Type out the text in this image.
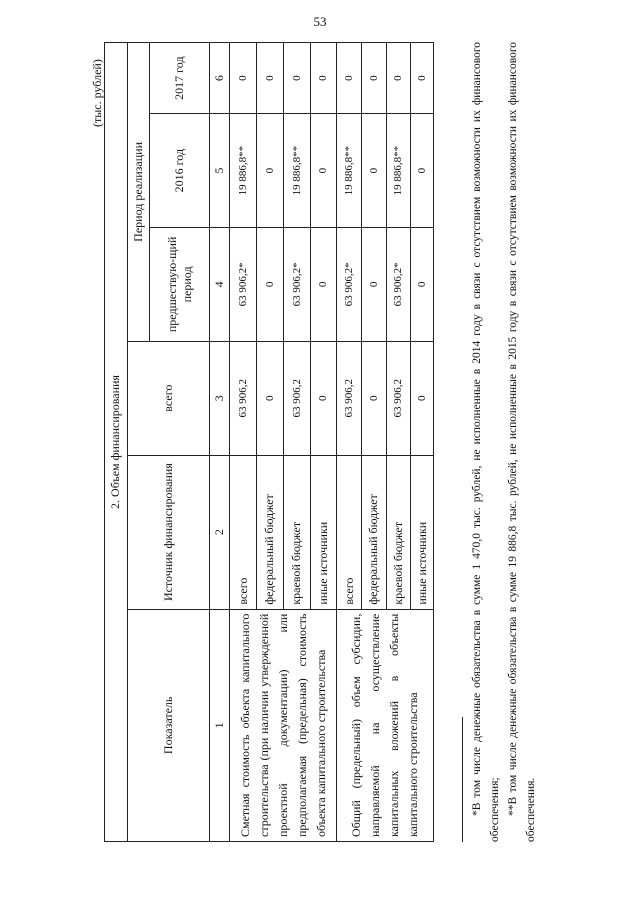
53
(тыс. рублей)
2. Объем финансирования					
Показатель	Источник финансирования	всего	Период реализации		
			предшествую-щий период	2016 год	2017 год
1	2	3	4	5	6
Сметная стоимость объекта капитального строительства (при наличии утвержденной проектной документации) или предполагаемая (предельная) стоимость объекта капитального строительства	всего	63 906,2	63 906,2*	19 886,8**	0
	федеральный бюджет	0	0	0	0
	краевой бюджет	63 906,2	63 906,2*	19 886,8**	0
	иные источники	0	0	0	0
Общий (предельный) объем субсидии, направляемой на осуществление капитальных вложений в объекты капитального строительства	всего	63 906,2	63 906,2*	19 886,8**	0
	федеральный бюджет	0	0	0	0
	краевой бюджет	63 906,2	63 906,2*	19 886,8**	0
	иные источники	0	0	0	0	*В том числе денежные обязательства в сумме 1 470,0 тыс. рублей, не исполненные в 2014 году в связи с отсутствием возможности их финансового обеспечения; **В том числе денежные обязательства в сумме 19 886,8 тыс. рублей, не исполненные в 2015 году в связи с отсутствием возможности их финансового обеспечения.
